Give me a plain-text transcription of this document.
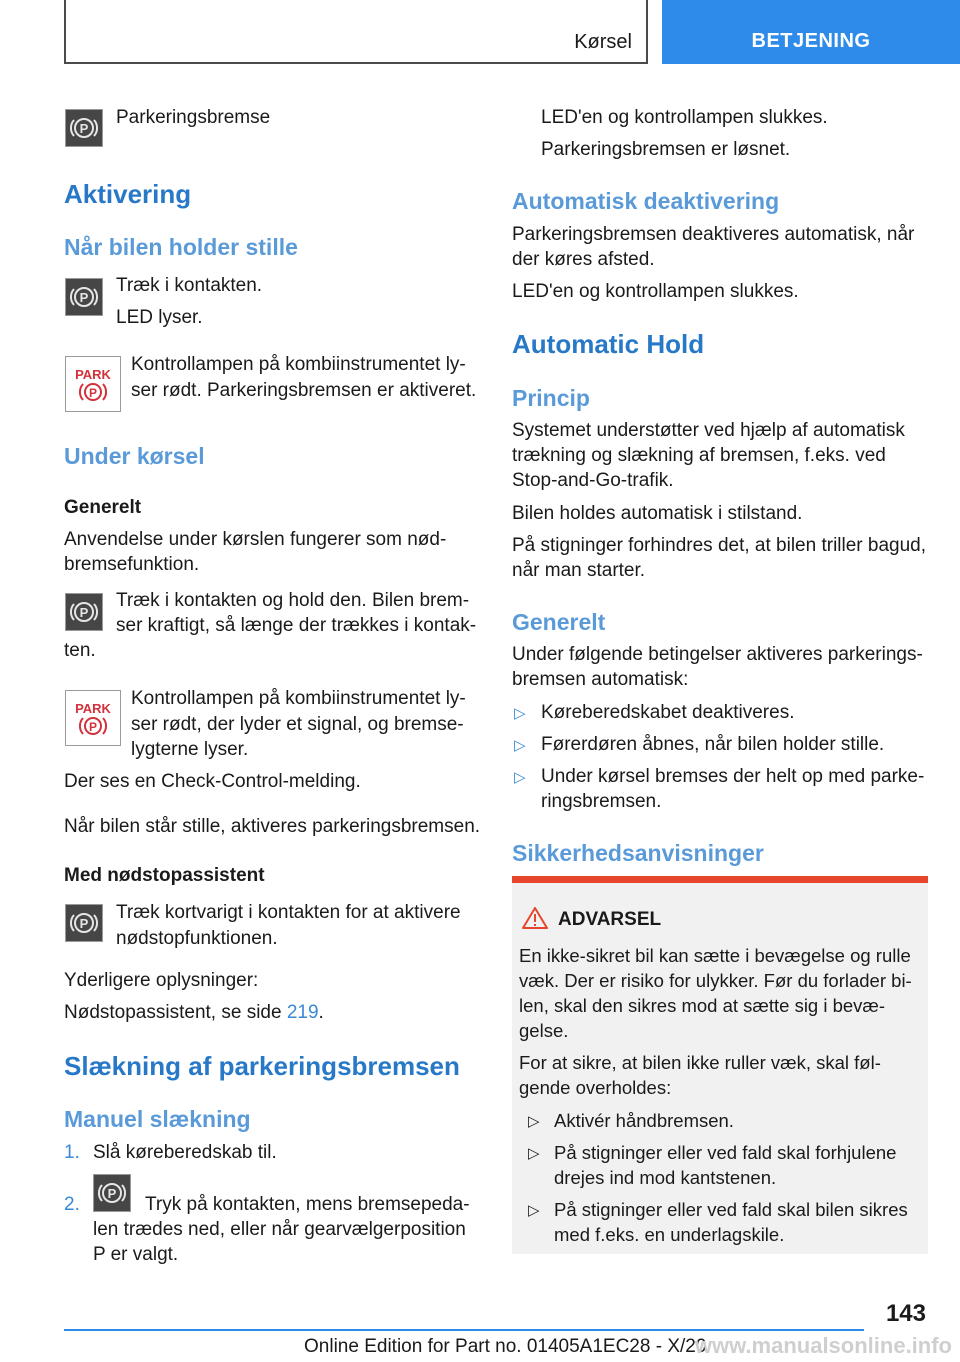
Kørsel	BETJENING
P
Parkeringsbremse
Aktivering
Når bilen holder stille
P
Træk i kontakten.
LED lyser.
PARK
P
Kontrollampen på kombiinstrumentet ly-
ser rødt. Parkeringsbremsen er aktiveret.
Under kørsel
Generelt
Anvendelse under kørslen fungerer som nød-
bremsefunktion.
P
Træk i kontakten og hold den. Bilen brem-
ser kraftigt, så længe der trækkes i kontak-
ten.
PARK
P
Kontrollampen på kombiinstrumentet ly-
ser rødt, der lyder et signal, og bremse-
lygterne lyser.
Der ses en Check-Control-melding.
Når bilen står stille, aktiveres parkeringsbremsen.
Med nødstopassistent
P
Træk kortvarigt i kontakten for at aktivere
nødstopfunktionen.
Yderligere oplysninger:
Nødstopassistent, se side 219.
Slækning af parkeringsbremsen
Manuel slækning
1. Slå køreberedskab til.
2.
P
Tryk på kontakten, mens bremsepeda-
len trædes ned, eller når gearvælgerposition
P er valgt.
LED'en og kontrollampen slukkes.
Parkeringsbremsen er løsnet.
Automatisk deaktivering
Parkeringsbremsen deaktiveres automatisk, når
der køres afsted.
LED'en og kontrollampen slukkes.
Automatic Hold
Princip
Systemet understøtter ved hjælp af automatisk
trækning og slækning af bremsen, f.eks. ved
Stop-and-Go-trafik.
Bilen holdes automatisk i stilstand.
På stigninger forhindres det, at bilen triller bagud,
når man starter.
Generelt
Under følgende betingelser aktiveres parkerings-
bremsen automatisk:
▷ Køreberedskabet deaktiveres.
▷ Førerdøren åbnes, når bilen holder stille.
▷ Under kørsel bremses der helt op med parke-
ringsbremsen.
Sikkerhedsanvisninger
ADVARSEL
En ikke-sikret bil kan sætte i bevægelse og rulle
væk. Der er risiko for ulykker. Før du forlader bi-
len, skal den sikres mod at sætte sig i bevæ-
gelse.
For at sikre, at bilen ikke ruller væk, skal føl-
gende overholdes:
▷ Aktivér håndbremsen.
▷ På stigninger eller ved fald skal forhjulene
drejes ind mod kantstenen.
▷ På stigninger eller ved fald skal bilen sikres
med f.eks. en underlagskile.
143
Online Edition for Part no. 01405A1EC28 - X/20
www.manualsonline.info
